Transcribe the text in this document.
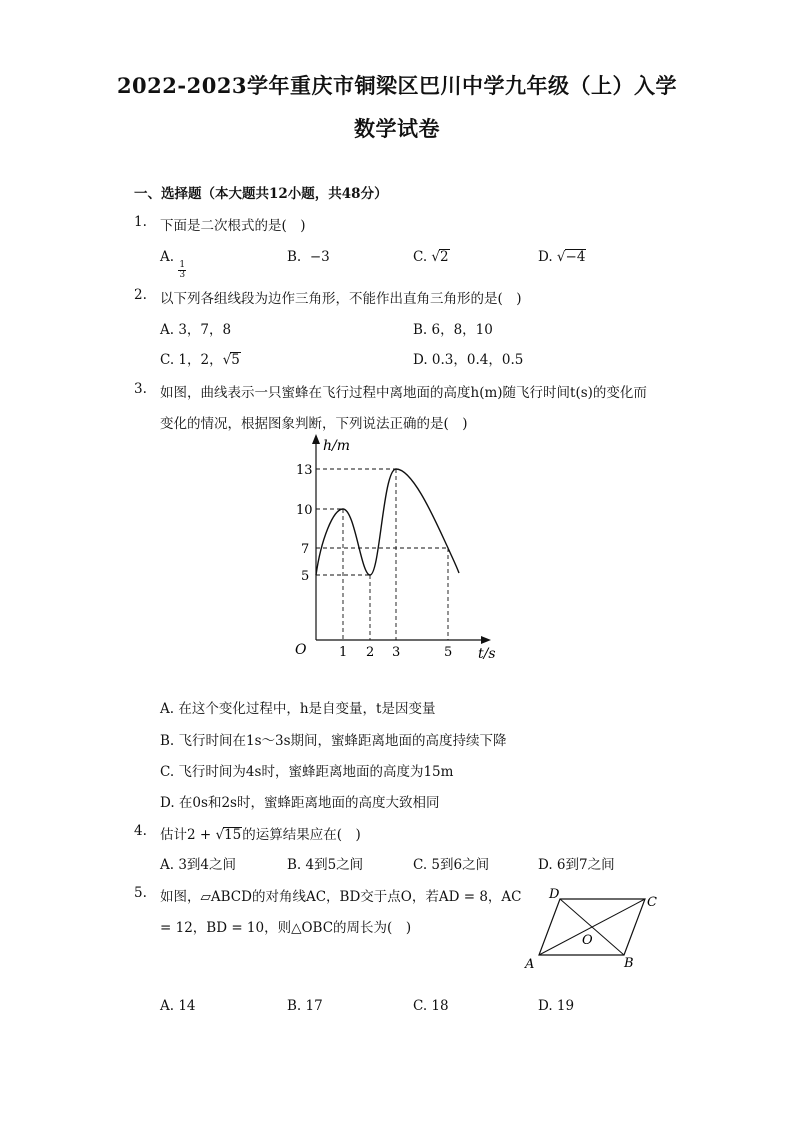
2022-2023学年重庆市铜梁区巴川中学九年级（上）入学
数学试卷
一、选择题（本大题共12小题，共48分）
1. 下面是二次根式的是(　)
A.
$\frac{1}{3}$
B. −3	C. √2	D. √−4
2. 以下列各组线段为边作三角形，不能作出直角三角形的是(　)
A. 3，7，8	B. 6，8，10
C. 1，2，√5	D. 0.3，0.4，0.5
3. 如图，曲线表示一只蜜蜂在飞行过程中离地面的高度h(m)随飞行时间t(s)的变化而
变化的情况，根据图象判断，下列说法正确的是(　)
h/m
t/s
O
13
10
7
5
1 2 3	5
A. 在这个变化过程中，h是自变量，t是因变量
B. 飞行时间在1s～3s期间，蜜蜂距离地面的高度持续下降
C. 飞行时间为4s时，蜜蜂距离地面的高度为15m
D. 在0s和2s时，蜜蜂距离地面的高度大致相同
4. 估计2 + √15的运算结果应在(　)
A. 3到4之间	B. 4到5之间	C. 5到6之间	D. 6到7之间
5. 如图，▱ABCD的对角线AC，BD交于点O，若AD = 8，AC
= 12，BD = 10，则△OBC的周长为(　)
A	B
C
D
O
A. 14	B. 17	C. 18	D. 19
